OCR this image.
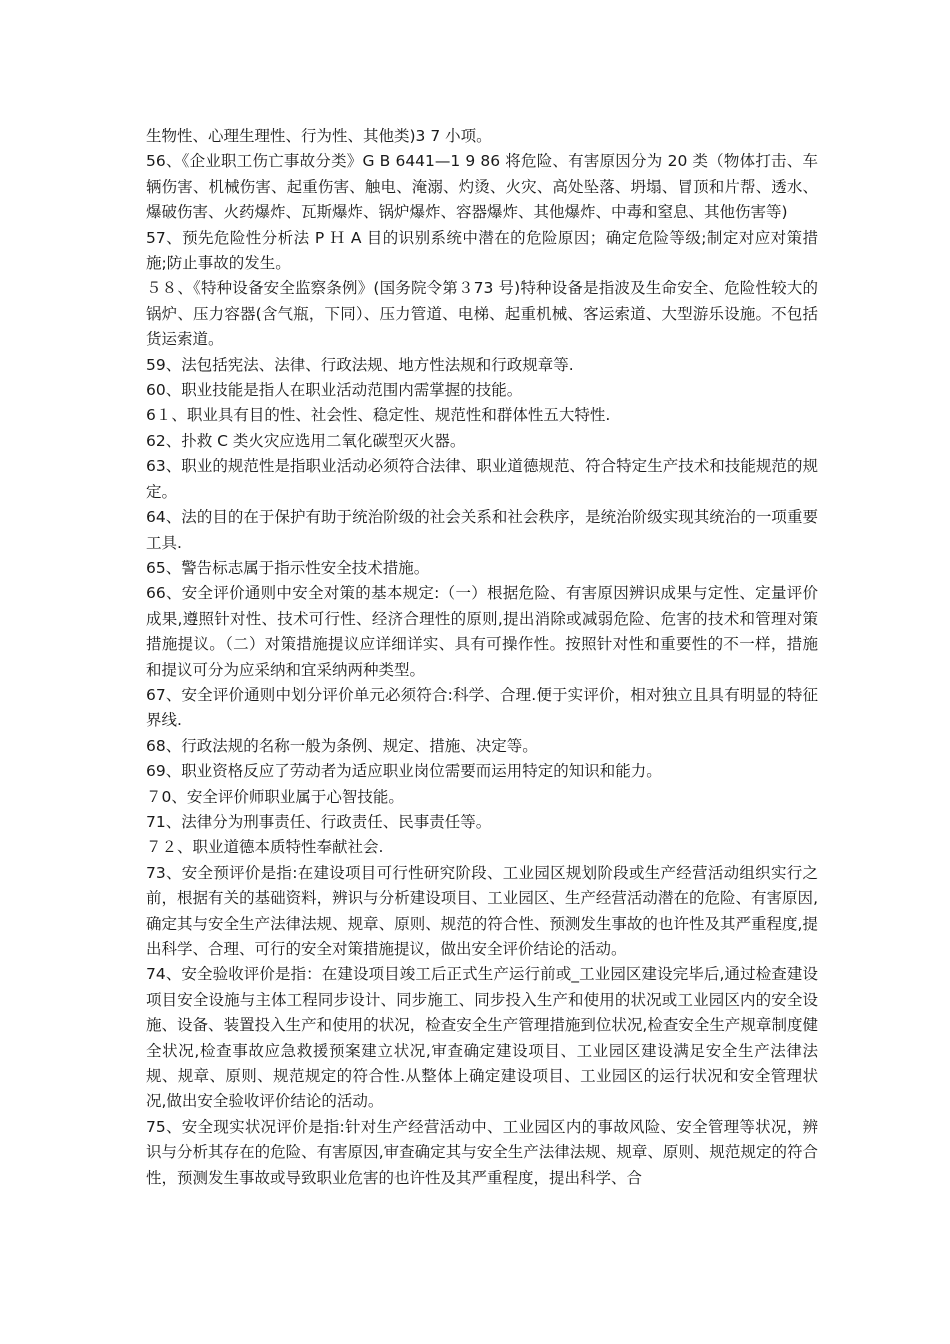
生物性、心理生理性、行为性、其他类)3 7 小项。

56、《企业职工伤亡事故分类》G B 6441—1 9 86 将危险、有害原因分为 20 类（物体打击、车辆伤害、机械伤害、起重伤害、触电、淹溺、灼烫、火灾、高处坠落、坍塌、冒顶和片帮、透水、爆破伤害、火药爆炸、瓦斯爆炸、锅炉爆炸、容器爆炸、其他爆炸、中毒和窒息、其他伤害等)

57、预先危险性分析法 P Ｈ A 目的识别系统中潜在的危险原因；确定危险等级;制定对应对策措施;防止事故的发生。

５８、《特种设备安全监察条例》(国务院令第３73 号)特种设备是指波及生命安全、危险性较大的锅炉、压力容器(含气瓶，下同）、压力管道、电梯、起重机械、客运索道、大型游乐设施。不包括货运索道。

59、法包括宪法、法律、行政法规、地方性法规和行政规章等.

60、职业技能是指人在职业活动范围内需掌握的技能。

6１、职业具有目的性、社会性、稳定性、规范性和群体性五大特性.

62、扑救 C 类火灾应选用二氧化碳型灭火器。

63、职业的规范性是指职业活动必须符合法律、职业道德规范、符合特定生产技术和技能规范的规定。

64、法的目的在于保护有助于统治阶级的社会关系和社会秩序，是统治阶级实现其统治的一项重要工具.

65、警告标志属于指示性安全技术措施。

66、安全评价通则中安全对策的基本规定:（一）根据危险、有害原因辨识成果与定性、定量评价成果,遵照针对性、技术可行性、经济合理性的原则,提出消除或减弱危险、危害的技术和管理对策措施提议。（二）对策措施提议应详细详实、具有可操作性。按照针对性和重要性的不一样，措施和提议可分为应采纳和宜采纳两种类型。

67、安全评价通则中划分评价单元必须符合:科学、合理.便于实评价，相对独立且具有明显的特征界线.

68、行政法规的名称一般为条例、规定、措施、决定等。

69、职业资格反应了劳动者为适应职业岗位需要而运用特定的知识和能力。

７0、安全评价师职业属于心智技能。

71、法律分为刑事责任、行政责任、民事责任等。

７２、职业道德本质特性奉献社会.

73、安全预评价是指:在建设项目可行性研究阶段、工业园区规划阶段或生产经营活动组织实行之前，根据有关的基础资料，辨识与分析建设项目、工业园区、生产经营活动潜在的危险、有害原因,确定其与安全生产法律法规、规章、原则、规范的符合性、预测发生事故的也许性及其严重程度,提出科学、合理、可行的安全对策措施提议，做出安全评价结论的活动。

74、安全验收评价是指：在建设项目竣工后正式生产运行前或_工业园区建设完毕后,通过检查建设项目安全设施与主体工程同步设计、同步施工、同步投入生产和使用的状况或工业园区内的安全设施、设备、装置投入生产和使用的状况，检查安全生产管理措施到位状况,检查安全生产规章制度健全状况,检查事故应急救援预案建立状况,审查确定建设项目、工业园区建设满足安全生产法律法规、规章、原则、规范规定的符合性.从整体上确定建设项目、工业园区的运行状况和安全管理状况,做出安全验收评价结论的活动。

75、安全现实状况评价是指:针对生产经营活动中、工业园区内的事故风险、安全管理等状况，辨识与分析其存在的危险、有害原因,审查确定其与安全生产法律法规、规章、原则、规范规定的符合性，预测发生事故或导致职业危害的也许性及其严重程度，提出科学、合
